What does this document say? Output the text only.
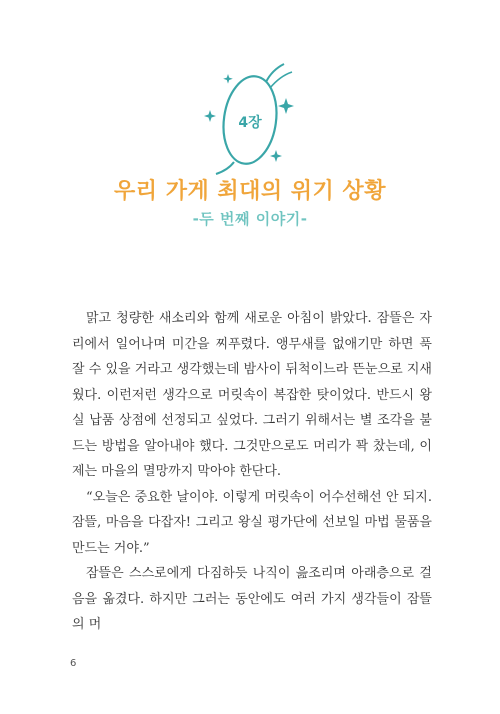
4장
우리 가게 최대의 위기 상황
-두 번째 이야기-

맑고 청량한 새소리와 함께 새로운 아침이 밝았다. 잠뜰은 자리에서 일어나며 미간을 찌푸렸다. 앵무새를 없애기만 하면 푹 잘 수 있을 거라고 생각했는데 밤사이 뒤척이느라 뜬눈으로 지새웠다. 이런저런 생각으로 머릿속이 복잡한 탓이었다. 반드시 왕실 납품 상점에 선정되고 싶었다. 그러기 위해서는 별 조각을 불드는 방법을 알아내야 했다. 그것만으로도 머리가 꽉 찼는데, 이제는 마을의 멸망까지 막아야 한단다.

“오늘은 중요한 날이야. 이렇게 머릿속이 어수선해선 안 되지. 잠뜰, 마음을 다잡자! 그리고 왕실 평가단에 선보일 마법 물품을 만드는 거야.”

잠뜰은 스스로에게 다짐하듯 나직이 읊조리며 아래층으로 걸음을 옮겼다. 하지만 그러는 동안에도 여러 가지 생각들이 잠뜰의 머

6
